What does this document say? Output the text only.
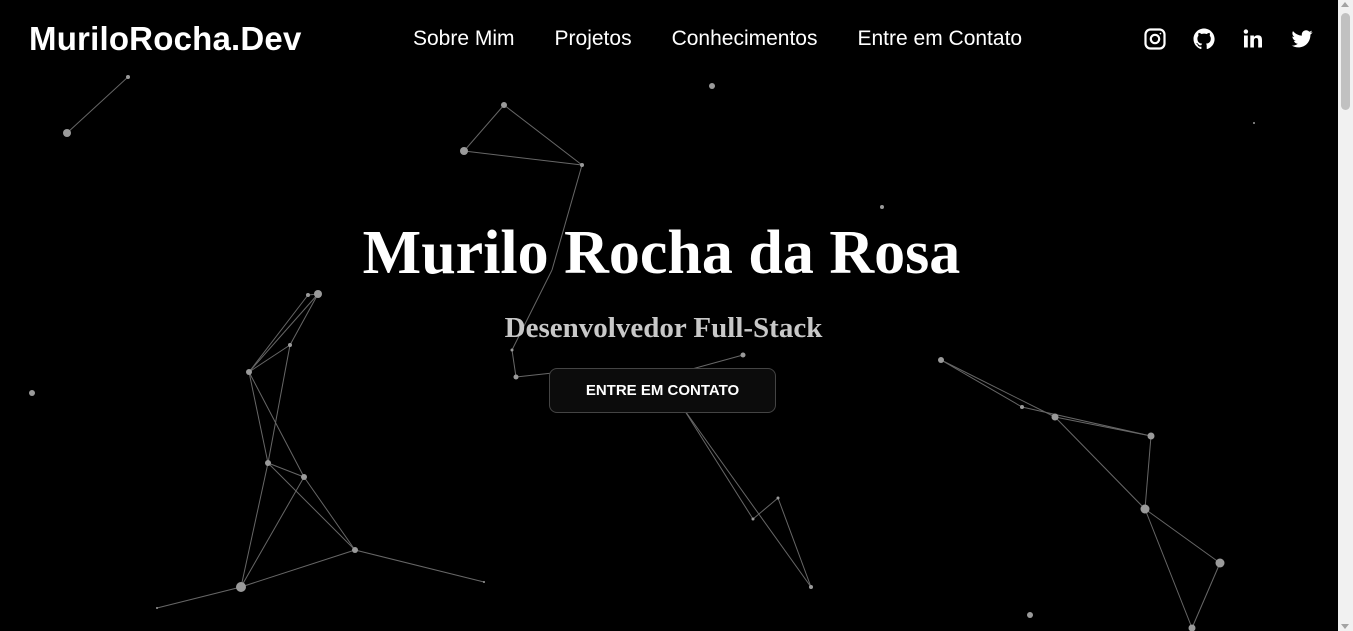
MuriloRocha.Dev	Sobre Mim Projetos Conhecimentos Entre em Contato
Murilo Rocha da Rosa
Desenvolvedor Full-Stack
ENTRE EM CONTATO
